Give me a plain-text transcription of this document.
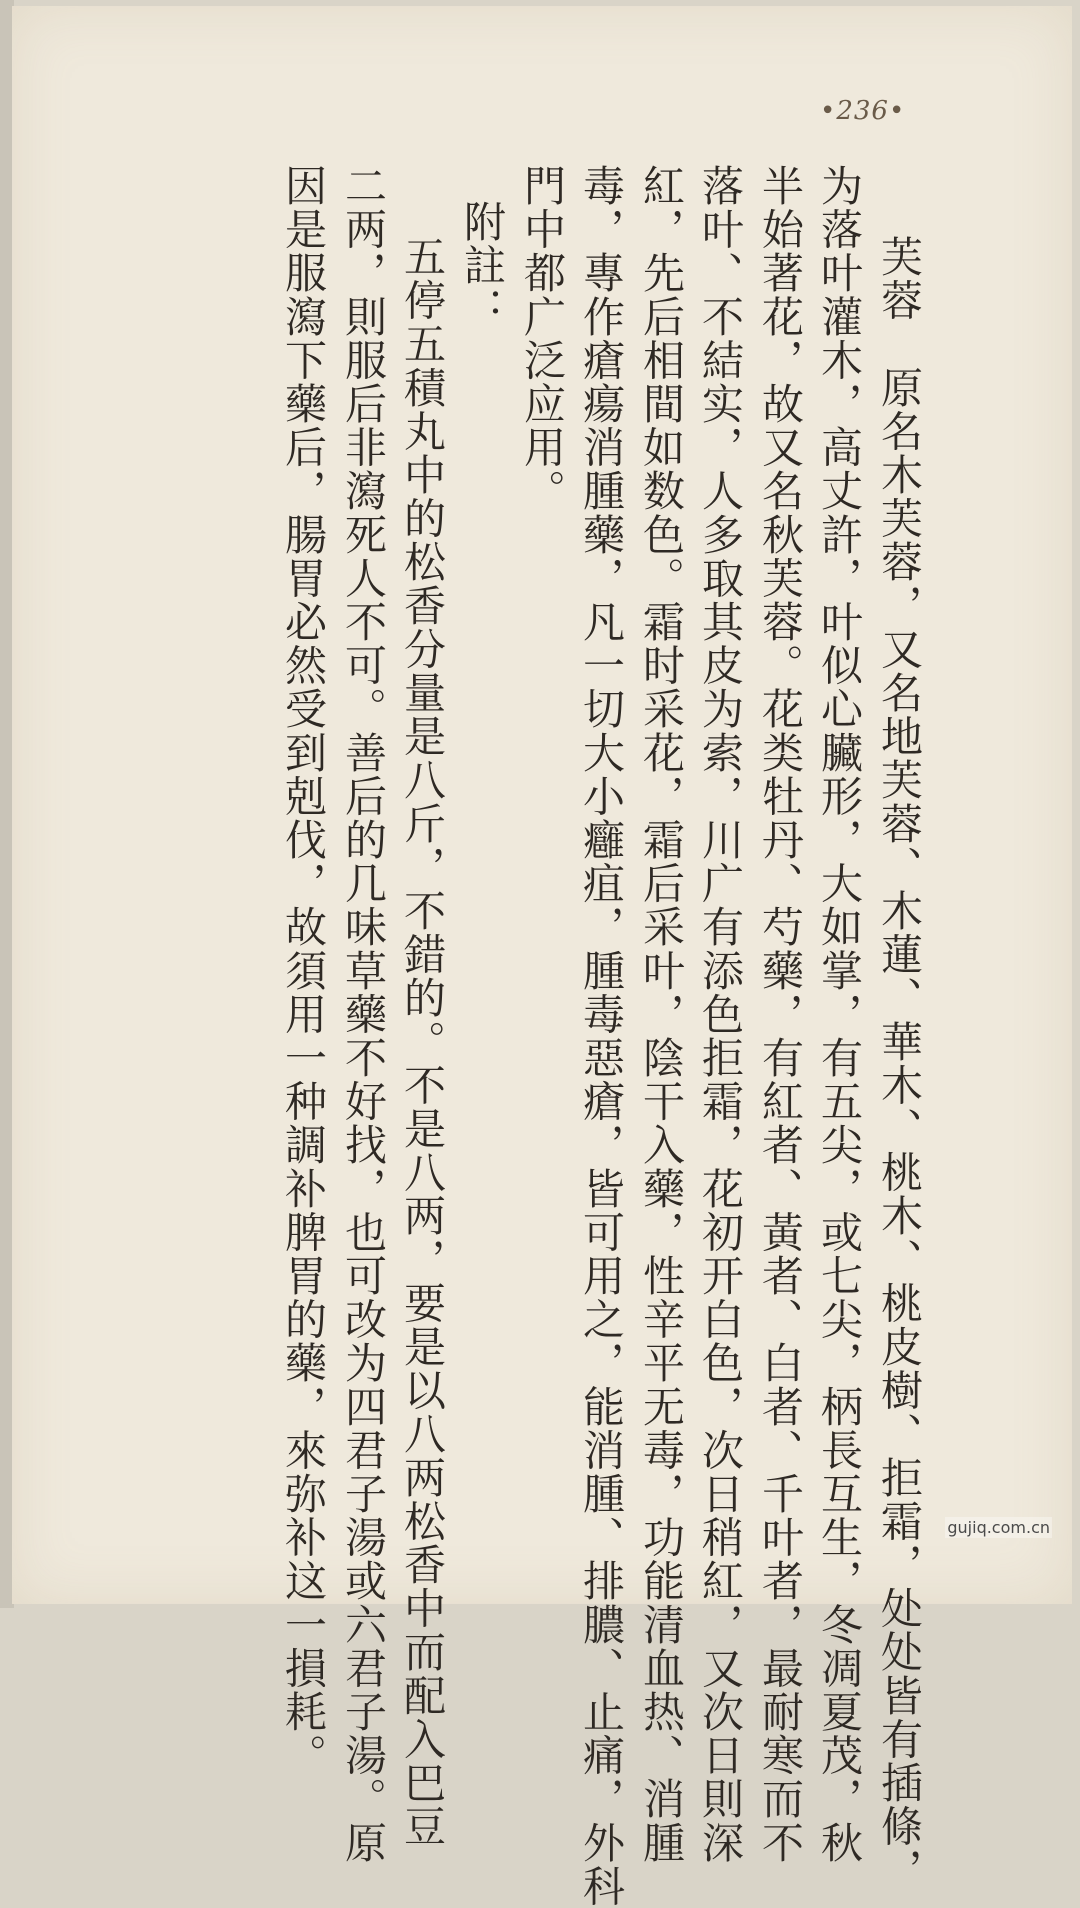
•236•
芙蓉　原名木芙蓉，又名地芙蓉、木蓮、華木、桃木、桃皮樹、拒霜，处处皆有插條，
为落叶灌木，高丈許，叶似心臟形，大如掌，有五尖，或七尖，柄長互生，冬凋夏茂，秋
半始著花，故又名秋芙蓉。花类牡丹、芍藥，有紅者、黃者、白者、千叶者，最耐寒而不
落叶、不結实，人多取其皮为索，川广有添色拒霜，花初开白色，次日稍紅，又次日則深
紅，先后相間如数色。霜时采花，霜后采叶，陰干入藥，性辛平无毒，功能清血热、消腫
毒，專作瘡瘍消腫藥，凡一切大小癰疽，腫毒惡瘡，皆可用之，能消腫、排膿、止痛，外科
門中都广泛应用。
附註：
五停五積丸中的松香分量是八斤，不錯的。不是八两，要是以八两松香中而配入巴豆
二两，則服后非瀉死人不可。善后的几味草藥不好找，也可改为四君子湯或六君子湯。原
因是服瀉下藥后，腸胃必然受到剋伐，故須用一种調补脾胃的藥，來弥补这一損耗。	gujiq.com.cn
